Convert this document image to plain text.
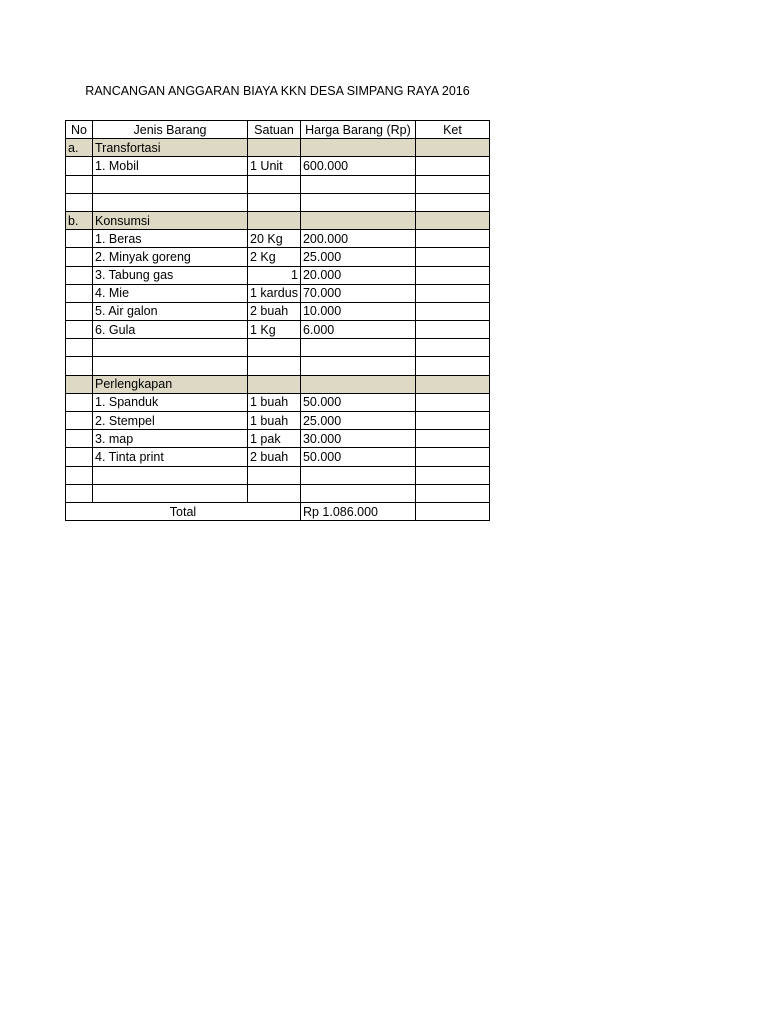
RANCANGAN ANGGARAN BIAYA KKN DESA SIMPANG RAYA 2016
No	Jenis Barang	Satuan	Harga Barang (Rp)	Ket
a.	Transfortasi			
	1. Mobil	1 Unit	600.000	

b.	Konsumsi			
	1. Beras	20 Kg	200.000	
	2. Minyak goreng	2 Kg	25.000	
	3. Tabung gas	1	20.000	
	4. Mie	1 kardus	70.000	
	5. Air galon	2 buah	10.000	
	6. Gula	1 Kg	6.000	

	Perlengkapan			
	1. Spanduk	1 buah	50.000	
	2. Stempel	1 buah	25.000	
	3. map	1 pak	30.000	
	4. Tinta print	2 buah	50.000	

Total			Rp 1.086.000	
